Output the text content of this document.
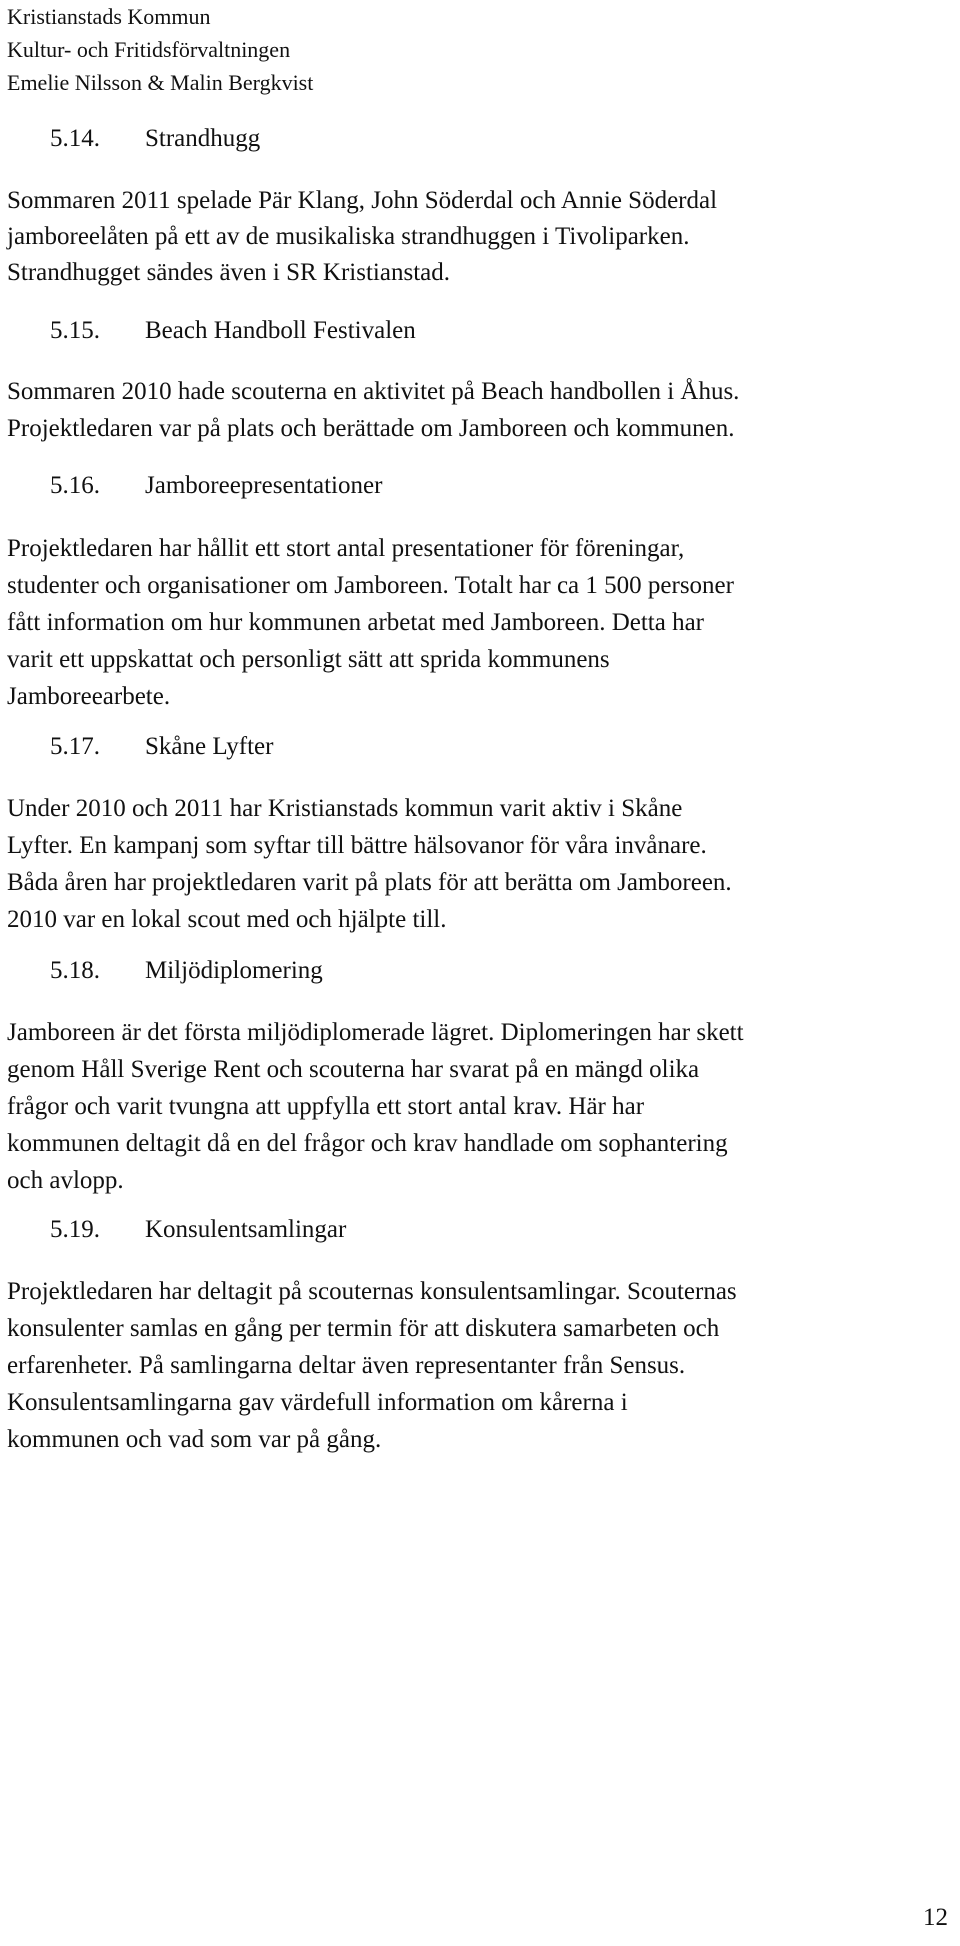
Kristianstads Kommun
Kultur- och Fritidsförvaltningen
Emelie Nilsson & Malin Bergkvist
5.14. Strandhugg
Sommaren 2011 spelade Pär Klang, John Söderdal och Annie Söderdal
jamboreelåten på ett av de musikaliska strandhuggen i Tivoliparken.
Strandhugget sändes även i SR Kristianstad.
5.15. Beach Handboll Festivalen
Sommaren 2010 hade scouterna en aktivitet på Beach handbollen i Åhus.
Projektledaren var på plats och berättade om Jamboreen och kommunen.
5.16. Jamboreepresentationer
Projektledaren har hållit ett stort antal presentationer för föreningar,
studenter och organisationer om Jamboreen. Totalt har ca 1 500 personer
fått information om hur kommunen arbetat med Jamboreen. Detta har
varit ett uppskattat och personligt sätt att sprida kommunens
Jamboreearbete.
5.17. Skåne Lyfter
Under 2010 och 2011 har Kristianstads kommun varit aktiv i Skåne
Lyfter. En kampanj som syftar till bättre hälsovanor för våra invånare.
Båda åren har projektledaren varit på plats för att berätta om Jamboreen.
2010 var en lokal scout med och hjälpte till.
5.18. Miljödiplomering
Jamboreen är det första miljödiplomerade lägret. Diplomeringen har skett
genom Håll Sverige Rent och scouterna har svarat på en mängd olika
frågor och varit tvungna att uppfylla ett stort antal krav. Här har
kommunen deltagit då en del frågor och krav handlade om sophantering
och avlopp.
5.19. Konsulentsamlingar
Projektledaren har deltagit på scouternas konsulentsamlingar. Scouternas
konsulenter samlas en gång per termin för att diskutera samarbeten och
erfarenheter. På samlingarna deltar även representanter från Sensus.
Konsulentsamlingarna gav värdefull information om kårerna i
kommunen och vad som var på gång.
12
